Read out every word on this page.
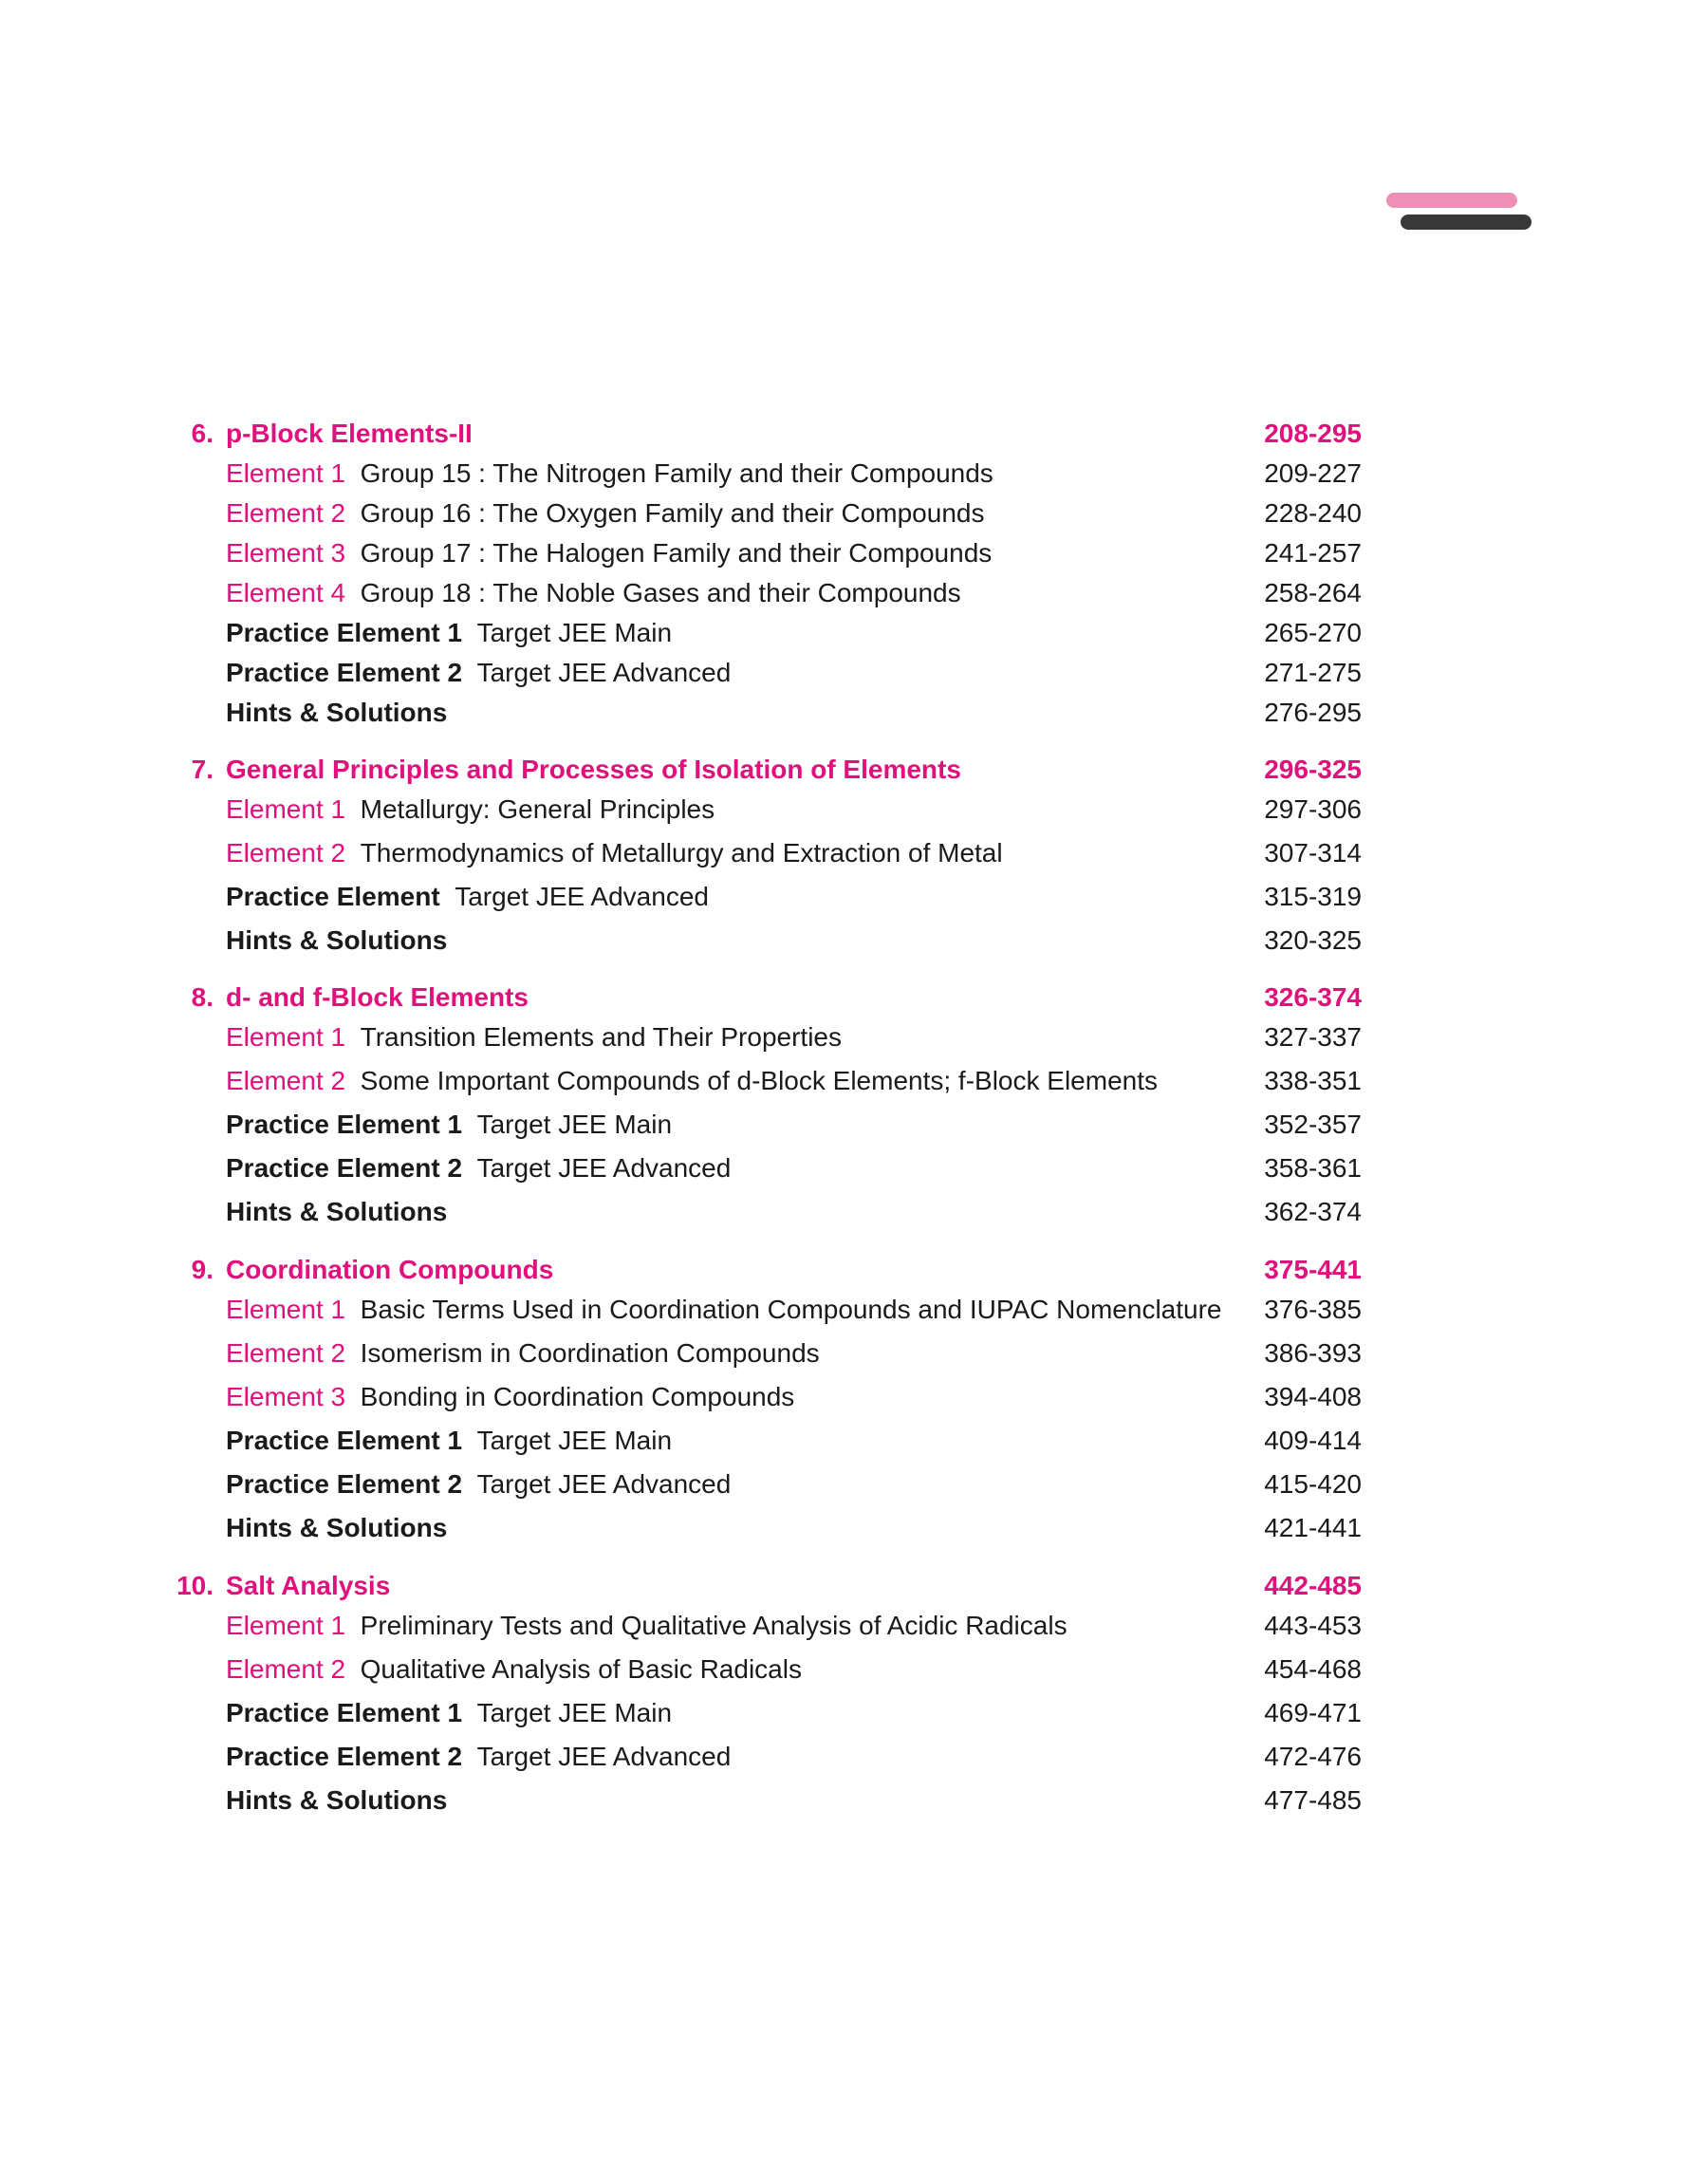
6. p-Block Elements-II	208-295
Element 1 Group 15 : The Nitrogen Family and their Compounds	209-227
Element 2 Group 16 : The Oxygen Family and their Compounds	228-240
Element 3 Group 17 : The Halogen Family and their Compounds	241-257
Element 4 Group 18 : The Noble Gases and their Compounds	258-264
Practice Element 1 Target JEE Main	265-270
Practice Element 2 Target JEE Advanced	271-275
Hints & Solutions	276-295
7. General Principles and Processes of Isolation of Elements	296-325
Element 1 Metallurgy: General Principles	297-306
Element 2 Thermodynamics of Metallurgy and Extraction of Metal	307-314
Practice Element Target JEE Advanced	315-319
Hints & Solutions	320-325
8. d- and f-Block Elements	326-374
Element 1 Transition Elements and Their Properties	327-337
Element 2 Some Important Compounds of d-Block Elements; f-Block Elements	338-351
Practice Element 1 Target JEE Main	352-357
Practice Element 2 Target JEE Advanced	358-361
Hints & Solutions	362-374
9. Coordination Compounds	375-441
Element 1 Basic Terms Used in Coordination Compounds and IUPAC Nomenclature 376-385
Element 2 Isomerism in Coordination Compounds	386-393
Element 3 Bonding in Coordination Compounds	394-408
Practice Element 1 Target JEE Main	409-414
Practice Element 2 Target JEE Advanced	415-420
Hints & Solutions	421-441
10. Salt Analysis	442-485
Element 1 Preliminary Tests and Qualitative Analysis of Acidic Radicals	443-453
Element 2 Qualitative Analysis of Basic Radicals	454-468
Practice Element 1 Target JEE Main	469-471
Practice Element 2 Target JEE Advanced	472-476
Hints & Solutions	477-485
